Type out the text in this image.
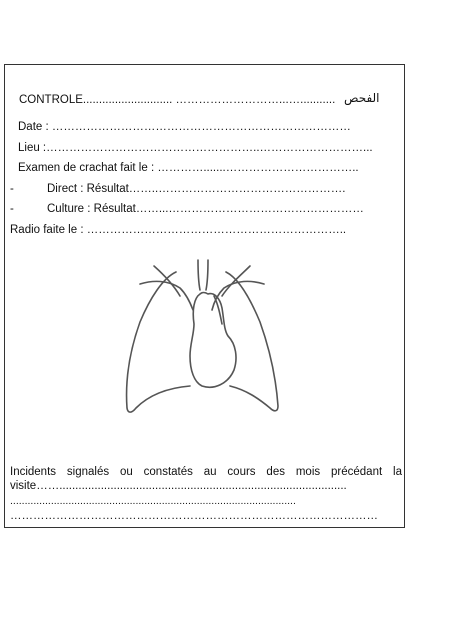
CONTROLE............................ ………………………...…........... الفحص
Date : ……………………………………………………………………
Lieu :………………………………………………..………………………...
Examen de crachat fait le : ………….......……………………………..
-	Direct : Résultat……..………………………………………….
-	Culture : Résultat……...……………………………………………
Radio faite le : …………………………………………………………..
Incidents signalés ou constatés au cours des mois précédant la
visite……..........................................................................................
..................................................................................................
……………………………………………………………………………………
